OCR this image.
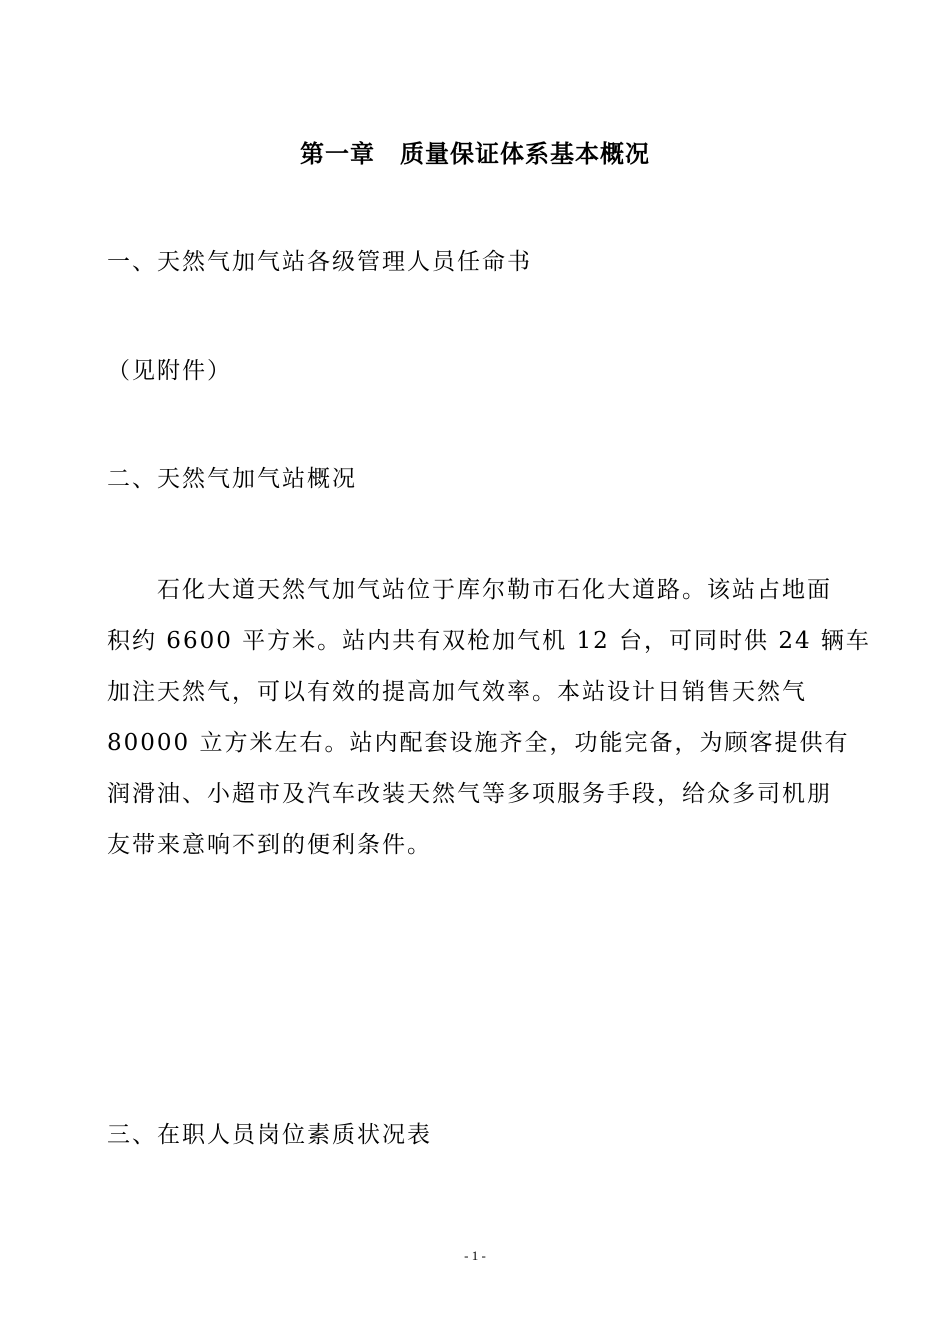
第一章　质量保证体系基本概况
一、天然气加气站各级管理人员任命书
（见附件）
二、天然气加气站概况
石化大道天然气加气站位于库尔勒市石化大道路。该站占地面
积约 6600 平方米。站内共有双枪加气机 12 台，可同时供 24 辆车
加注天然气，可以有效的提高加气效率。本站设计日销售天然气
80000 立方米左右。站内配套设施齐全，功能完备，为顾客提供有
润滑油、小超市及汽车改装天然气等多项服务手段，给众多司机朋
友带来意响不到的便利条件。
三、在职人员岗位素质状况表
- 1 -
